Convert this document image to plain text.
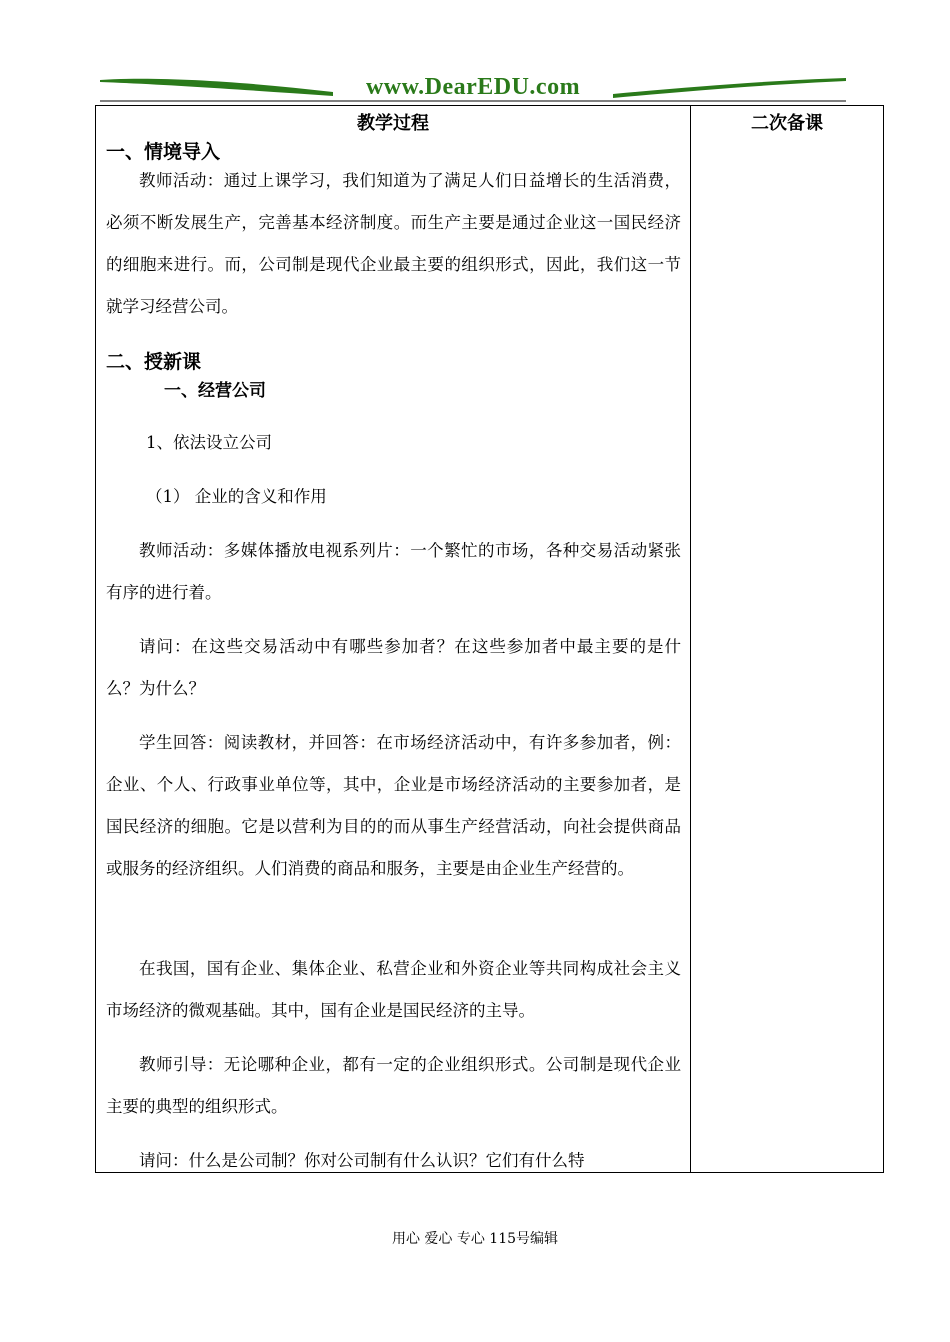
www.DearEDU.com
教学过程
一、情境导入
教师活动：通过上课学习，我们知道为了满足人们日益增长的生活消费，必须不断发展生产，完善基本经济制度。而生产主要是通过企业这一国民经济的细胞来进行。而，公司制是现代企业最主要的组织形式，因此，我们这一节就学习经营公司。
二、授新课
一、经营公司
1、依法设立公司
（1） 企业的含义和作用
教师活动：多媒体播放电视系列片：一个繁忙的市场，各种交易活动紧张有序的进行着。
请问：在这些交易活动中有哪些参加者？在这些参加者中最主要的是什么？为什么？
学生回答：阅读教材，并回答：在市场经济活动中，有许多参加者，例：企业、个人、行政事业单位等，其中，企业是市场经济活动的主要参加者，是国民经济的细胞。它是以营利为目的的而从事生产经营活动，向社会提供商品或服务的经济组织。人们消费的商品和服务，主要是由企业生产经营的。
在我国，国有企业、集体企业、私营企业和外资企业等共同构成社会主义市场经济的微观基础。其中，国有企业是国民经济的主导。
教师引导：无论哪种企业，都有一定的企业组织形式。公司制是现代企业主要的典型的组织形式。
请问：什么是公司制？你对公司制有什么认识？它们有什么特
二次备课
用心 爱心 专心 115号编辑
